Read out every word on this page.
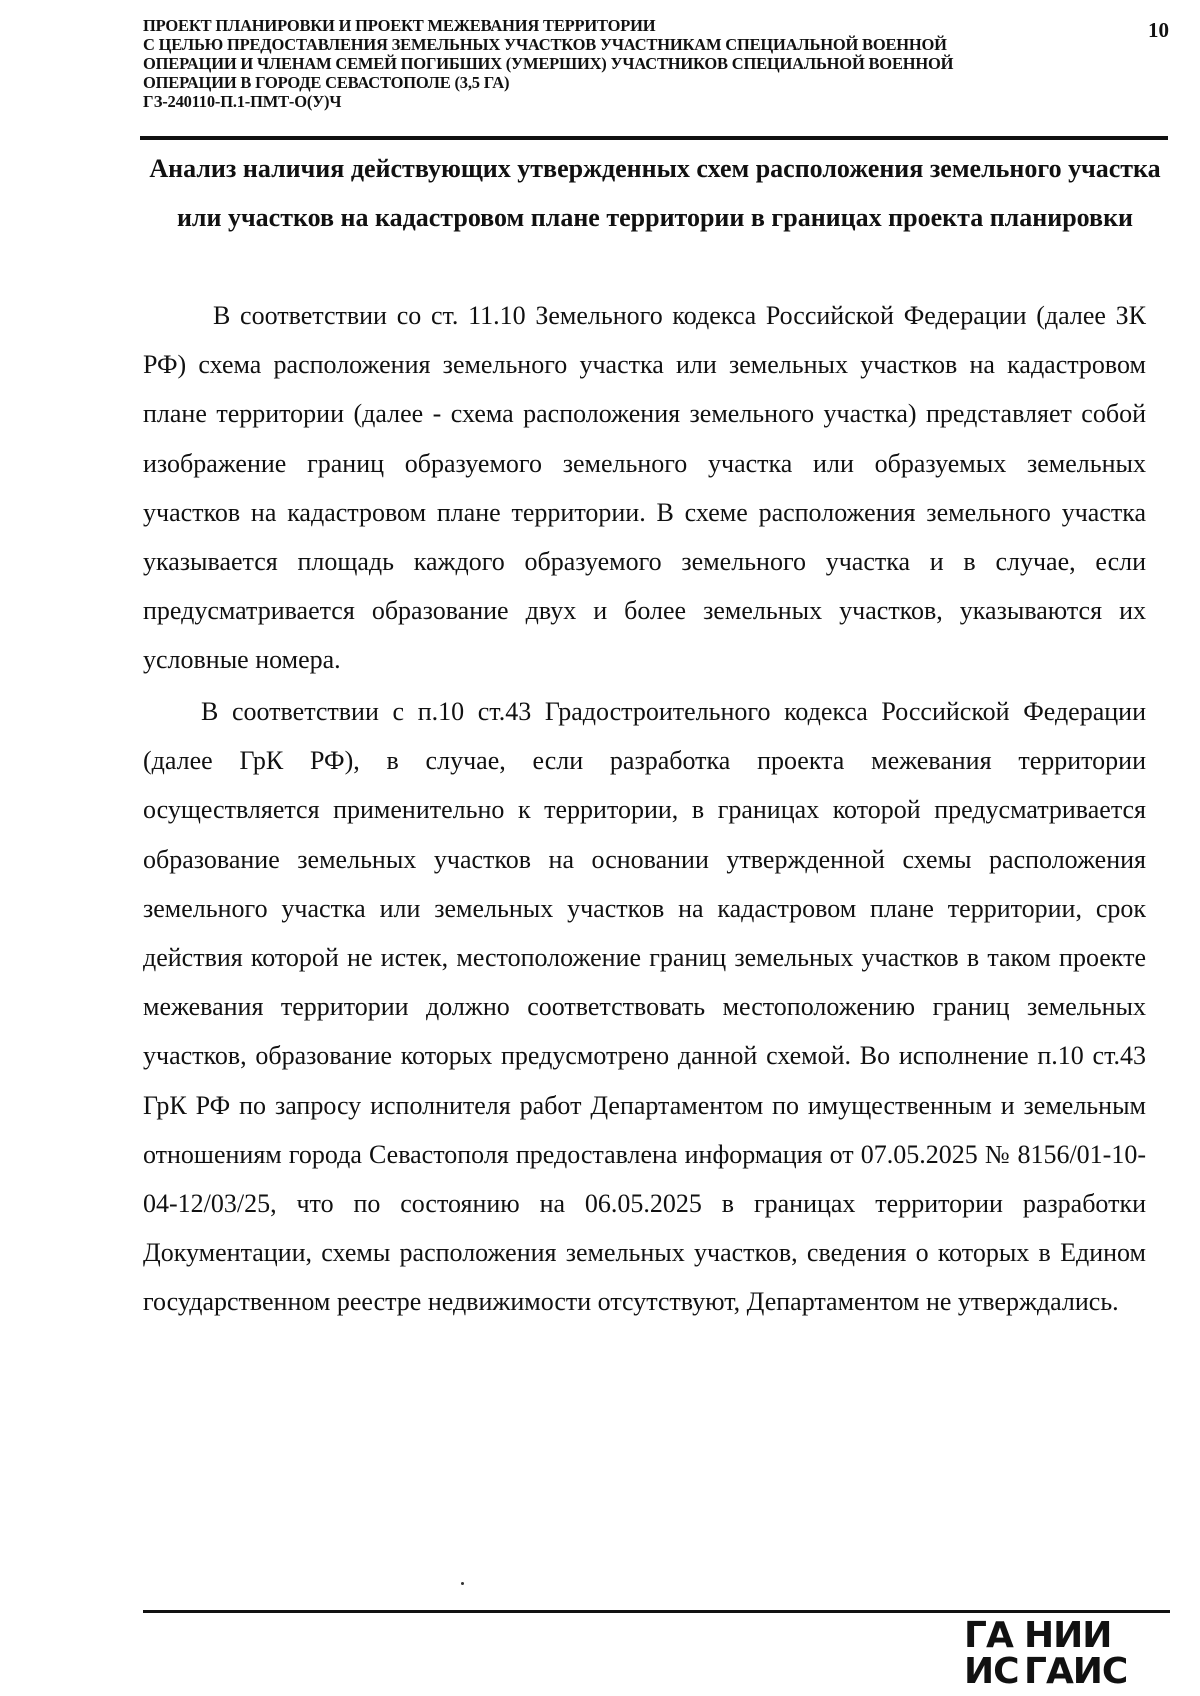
ПРОЕКТ ПЛАНИРОВКИ И ПРОЕКТ МЕЖЕВАНИЯ ТЕРРИТОРИИ
С ЦЕЛЬЮ ПРЕДОСТАВЛЕНИЯ ЗЕМЕЛЬНЫХ УЧАСТКОВ УЧАСТНИКАМ СПЕЦИАЛЬНОЙ ВОЕННОЙ
ОПЕРАЦИИ И ЧЛЕНАМ СЕМЕЙ ПОГИБШИХ (УМЕРШИХ) УЧАСТНИКОВ СПЕЦИАЛЬНОЙ ВОЕННОЙ
ОПЕРАЦИИ В ГОРОДЕ СЕВАСТОПОЛЕ (3,5 ГА)
ГЗ-240110-П.1-ПМТ-О(У)Ч
10
Анализ наличия действующих утвержденных схем расположения земельного участка или участков на кадастровом плане территории в границах проекта планировки

В соответствии со ст. 11.10 Земельного кодекса Российской Федерации (далее ЗК РФ) схема расположения земельного участка или земельных участков на кадастровом плане территории (далее - схема расположения земельного участка) представляет собой изображение границ образуемого земельного участка или образуемых земельных участков на кадастровом плане территории. В схеме расположения земельного участка указывается площадь каждого образуемого земельного участка и в случае, если предусматривается образование двух и более земельных участков, указываются их условные номера.

В соответствии с п.10 ст.43 Градостроительного кодекса Российской Федерации (далее ГрК РФ), в случае, если разработка проекта межевания территории осуществляется применительно к территории, в границах которой предусматривается образование земельных участков на основании утвержденной схемы расположения земельного участка или земельных участков на кадастровом плане территории, срок действия которой не истек, местоположение границ земельных участков в таком проекте межевания территории должно соответствовать местоположению границ земельных участков, образование которых предусмотрено данной схемой. Во исполнение п.10 ст.43 ГрК РФ по запросу исполнителя работ Департаментом по имущественным и земельным отношениям города Севастополя предоставлена информация от 07.05.2025 № 8156/01-10-04-12/03/25, что по состоянию на 06.05.2025 в границах территории разработки Документации, схемы расположения земельных участков, сведения о которых в Едином государственном реестре недвижимости отсутствуют, Департаментом не утверждались.

ГА НИИ
ИС ГАИС
